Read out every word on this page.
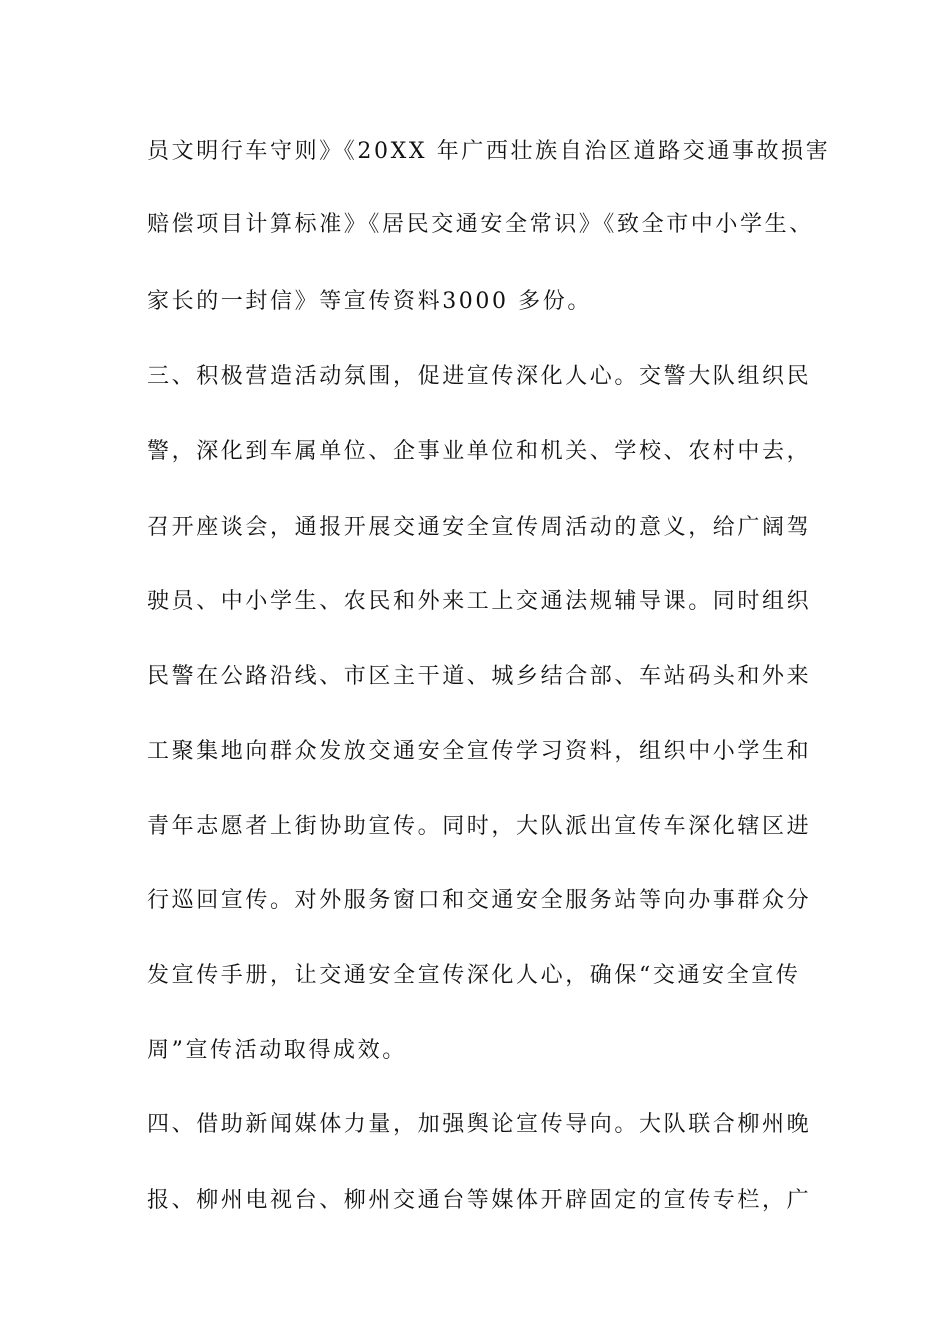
员文明行车守则》《20XX 年广西壮族自治区道路交通事故损害
赔偿项目计算标准》《居民交通安全常识》《致全市中小学生、
家长的一封信》等宣传资料3000 多份。
三、积极营造活动氛围，促进宣传深化人心。交警大队组织民
警，深化到车属单位、企事业单位和机关、学校、农村中去，
召开座谈会，通报开展交通安全宣传周活动的意义，给广阔驾
驶员、中小学生、农民和外来工上交通法规辅导课。同时组织
民警在公路沿线、市区主干道、城乡结合部、车站码头和外来
工聚集地向群众发放交通安全宣传学习资料，组织中小学生和
青年志愿者上街协助宣传。同时，大队派出宣传车深化辖区进
行巡回宣传。对外服务窗口和交通安全服务站等向办事群众分
发宣传手册，让交通安全宣传深化人心，确保“交通安全宣传
周”宣传活动取得成效。
四、借助新闻媒体力量，加强舆论宣传导向。大队联合柳州晚
报、柳州电视台、柳州交通台等媒体开辟固定的宣传专栏，广
